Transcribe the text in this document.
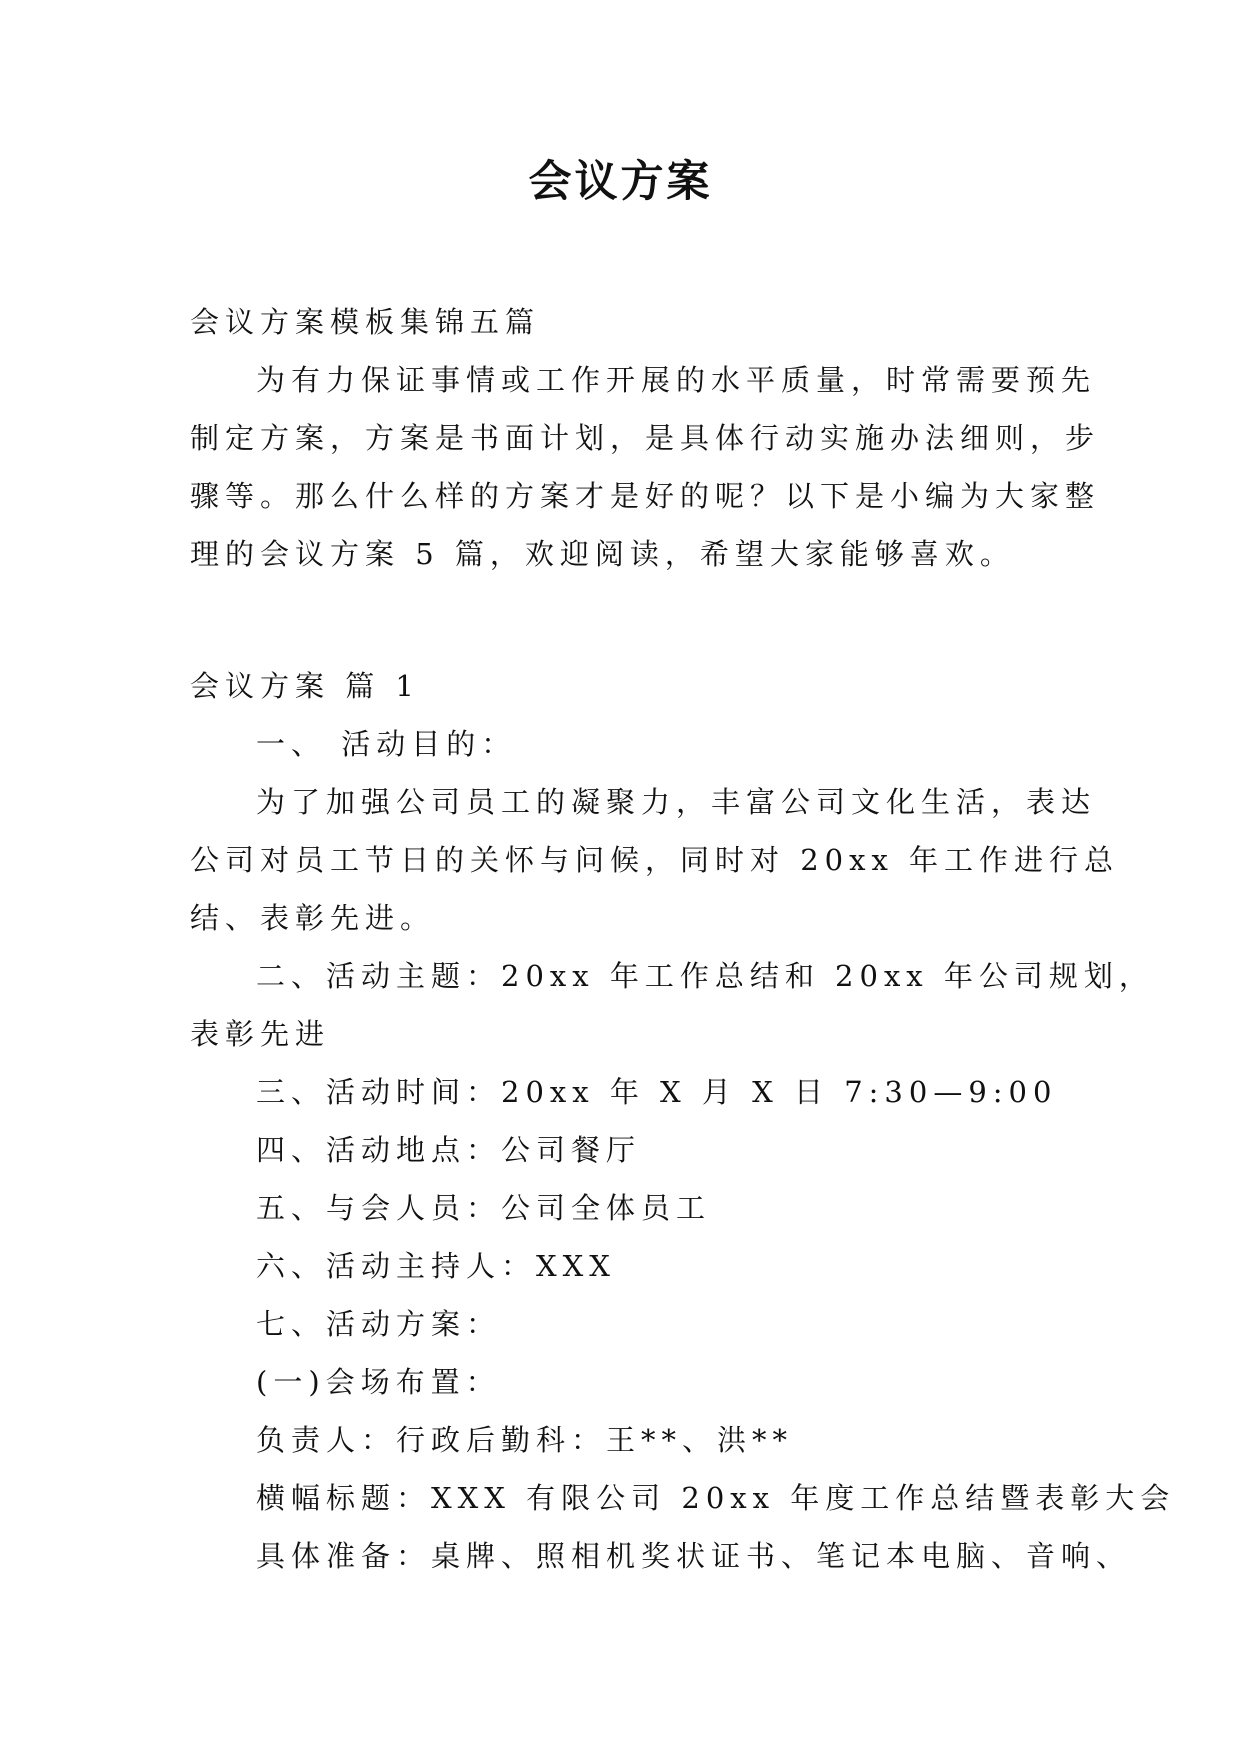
会议方案
会议方案模板集锦五篇
为有力保证事情或工作开展的水平质量，时常需要预先
制定方案，方案是书面计划，是具体行动实施办法细则，步
骤等。那么什么样的方案才是好的呢？以下是小编为大家整
理的会议方案 5 篇，欢迎阅读，希望大家能够喜欢。
会议方案 篇 1
一、 活动目的：
为了加强公司员工的凝聚力，丰富公司文化生活，表达
公司对员工节日的关怀与问候，同时对 20xx 年工作进行总
结、表彰先进。
二、活动主题：20xx 年工作总结和 20xx 年公司规划，
表彰先进
三、活动时间：20xx 年 X 月 X 日 7:30—9:00
四、活动地点：公司餐厅
五、与会人员：公司全体员工
六、活动主持人：XXX
七、活动方案：
(一)会场布置：
负责人：行政后勤科：王**、洪**
横幅标题：XXX 有限公司 20xx 年度工作总结暨表彰大会
具体准备：桌牌、照相机奖状证书、笔记本电脑、音响、
